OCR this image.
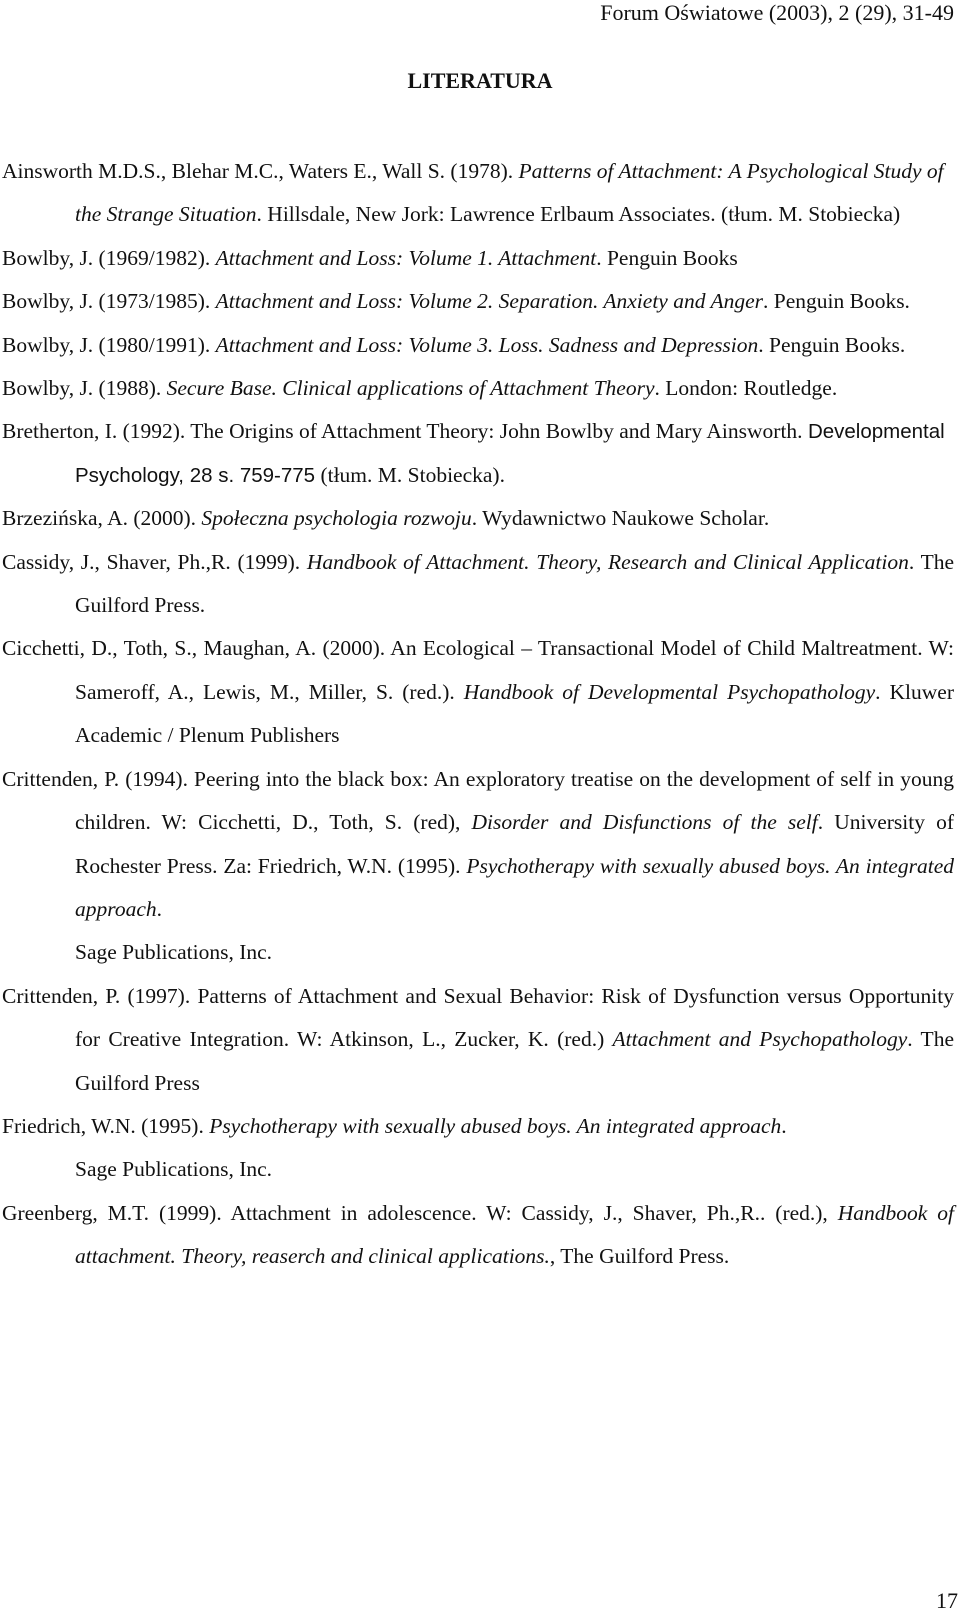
Forum Oświatowe (2003), 2 (29), 31-49
LITERATURA
Ainsworth M.D.S., Blehar M.C., Waters E., Wall S. (1978). Patterns of Attachment: A Psychological Study of the Strange Situation. Hillsdale, New Jork: Lawrence Erlbaum Associates. (tłum. M. Stobiecka)
Bowlby, J. (1969/1982). Attachment and Loss: Volume 1. Attachment. Penguin Books
Bowlby, J. (1973/1985). Attachment and Loss: Volume 2. Separation. Anxiety and Anger. Penguin Books.
Bowlby, J. (1980/1991). Attachment and Loss: Volume 3. Loss. Sadness and Depression. Penguin Books.
Bowlby, J. (1988). Secure Base. Clinical applications of Attachment Theory. London: Routledge.
Bretherton, I. (1992). The Origins of Attachment Theory: John Bowlby and Mary Ainsworth. Developmental Psychology, 28 s. 759-775 (tłum. M. Stobiecka).
Brzezińska, A. (2000). Społeczna psychologia rozwoju. Wydawnictwo Naukowe Scholar.
Cassidy, J., Shaver, Ph.,R. (1999). Handbook of Attachment. Theory, Research and Clinical Application. The Guilford Press.
Cicchetti, D., Toth, S., Maughan, A. (2000). An Ecological – Transactional Model of Child Maltreatment. W: Sameroff, A., Lewis, M., Miller, S. (red.). Handbook of Developmental Psychopathology. Kluwer Academic / Plenum Publishers
Crittenden, P. (1994). Peering into the black box: An exploratory treatise on the development of self in young children. W: Cicchetti, D., Toth, S. (red), Disorder and Disfunctions of the self. University of Rochester Press. Za: Friedrich, W.N. (1995). Psychotherapy with sexually abused boys. An integrated approach.
Sage Publications, Inc.
Crittenden, P. (1997). Patterns of Attachment and Sexual Behavior: Risk of Dysfunction versus Opportunity for Creative Integration. W: Atkinson, L., Zucker, K. (red.) Attachment and Psychopathology. The Guilford Press
Friedrich, W.N. (1995). Psychotherapy with sexually abused boys. An integrated approach.
Sage Publications, Inc.
Greenberg, M.T. (1999). Attachment in adolescence. W: Cassidy, J., Shaver, Ph.,R.. (red.), Handbook of attachment. Theory, reaserch and clinical applications., The Guilford Press.
17
